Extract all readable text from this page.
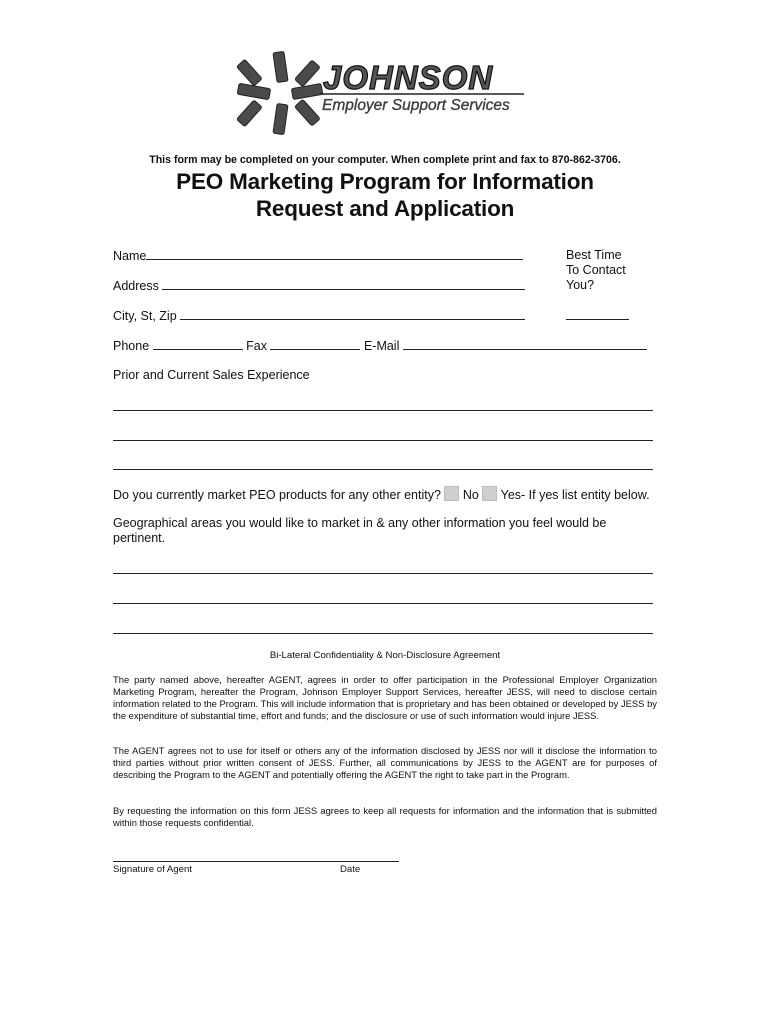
JOHNSON
Employer Support Services
This form may be completed on your computer. When complete print and fax to 870-862-3706.
PEO Marketing Program for Information
Request and Application
Name	Best Time
To Contact
You?
Address
City, St, Zip
Phone	Fax	E-Mail
Prior and Current Sales Experience
Do you currently market PEO products for any other entity? No Yes- If yes list entity below.
Geographical areas you would like to market in & any other information you feel would be
pertinent.
Bi-Lateral Confidentiality & Non-Disclosure Agreement
The party named above, hereafter AGENT, agrees in order to offer participation in the Professional Employer Organization Marketing Program, hereafter the Program, Johnson Employer Support Services, hereafter JESS, will need to disclose certain information related to the Program. This will include information that is proprietary and has been obtained or developed by JESS by the expenditure of substantial time, effort and funds; and the disclosure or use of such information would injure JESS.
The AGENT agrees not to use for itself or others any of the information disclosed by JESS nor will it disclose the information to third parties without prior written consent of JESS. Further, all communications by JESS to the AGENT are for purposes of describing the Program to the AGENT and potentially offering the AGENT the right to take part in the Program.
By requesting the information on this form JESS agrees to keep all requests for information and the information that is submitted within those requests confidential.
Signature of Agent	Date
